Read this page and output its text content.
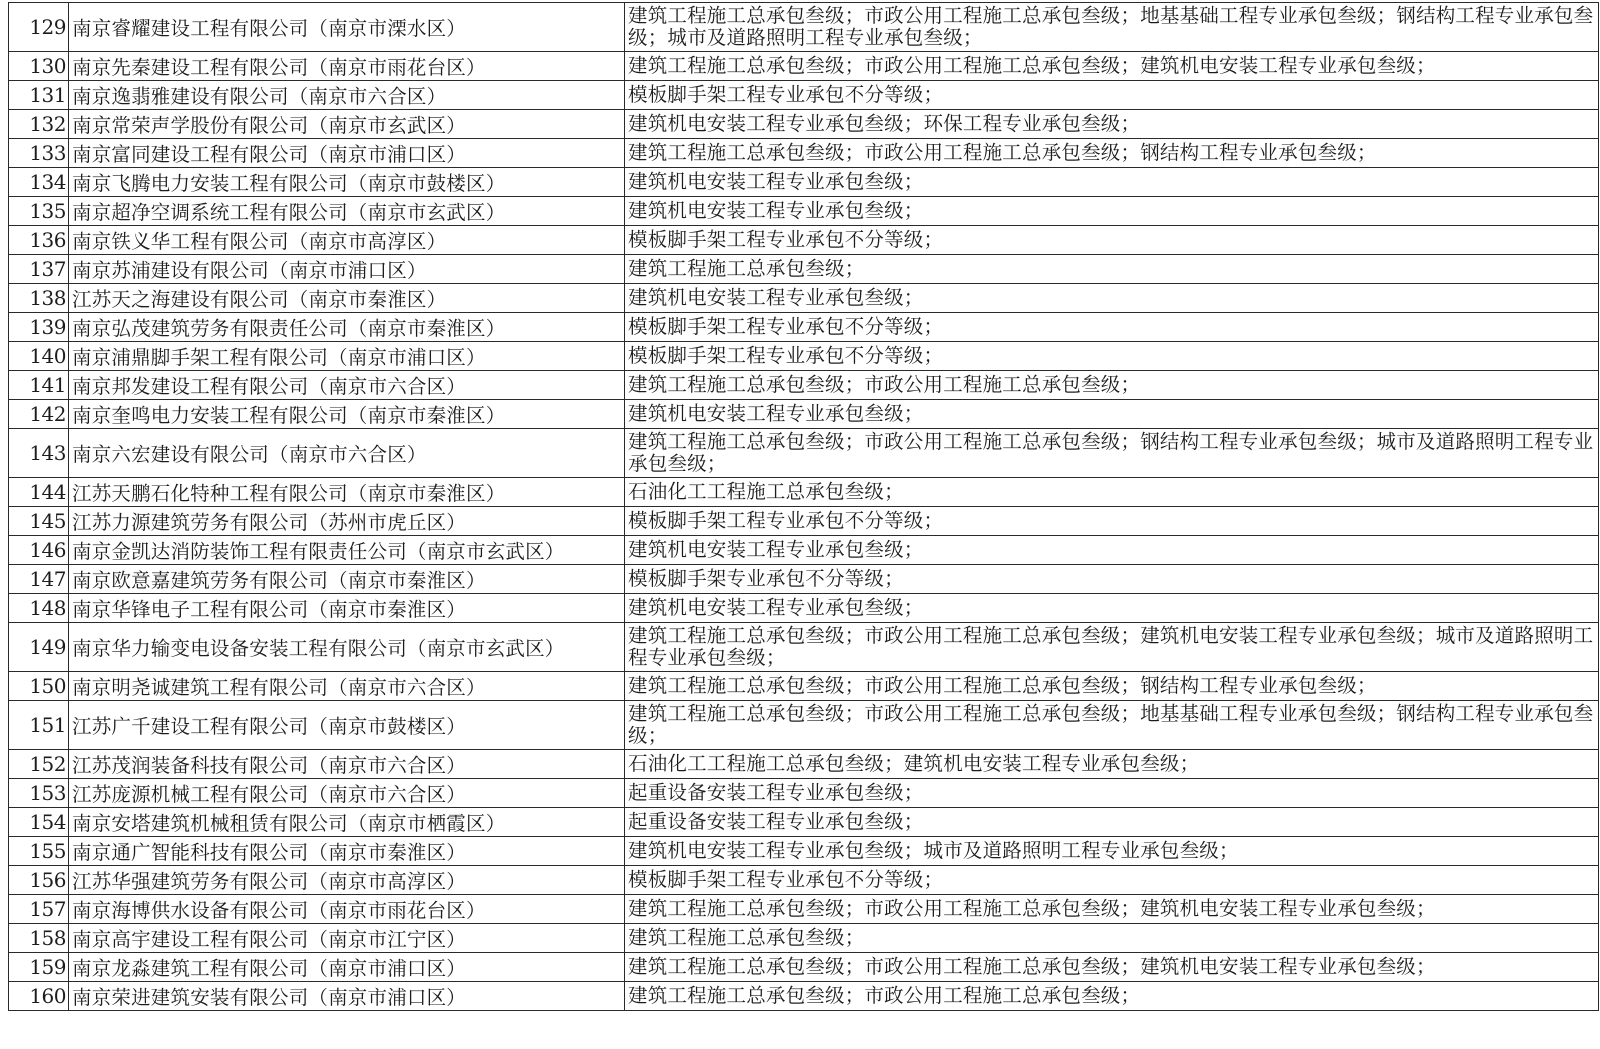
129	南京睿耀建设工程有限公司（南京市溧水区）	建筑工程施工总承包叁级；市政公用工程施工总承包叁级；地基基础工程专业承包叁级；钢结构工程专业承包叁级；城市及道路照明工程专业承包叁级；
130	南京先秦建设工程有限公司（南京市雨花台区）	建筑工程施工总承包叁级；市政公用工程施工总承包叁级；建筑机电安装工程专业承包叁级；
131	南京逸翡雅建设有限公司（南京市六合区）	模板脚手架工程专业承包不分等级；
132	南京常荣声学股份有限公司（南京市玄武区）	建筑机电安装工程专业承包叁级；环保工程专业承包叁级；
133	南京富同建设工程有限公司（南京市浦口区）	建筑工程施工总承包叁级；市政公用工程施工总承包叁级；钢结构工程专业承包叁级；
134	南京飞腾电力安装工程有限公司（南京市鼓楼区）	建筑机电安装工程专业承包叁级；
135	南京超净空调系统工程有限公司（南京市玄武区）	建筑机电安装工程专业承包叁级；
136	南京铁义华工程有限公司（南京市高淳区）	模板脚手架工程专业承包不分等级；
137	南京苏浦建设有限公司（南京市浦口区）	建筑工程施工总承包叁级；
138	江苏天之海建设有限公司（南京市秦淮区）	建筑机电安装工程专业承包叁级；
139	南京弘茂建筑劳务有限责任公司（南京市秦淮区）	模板脚手架工程专业承包不分等级；
140	南京浦鼎脚手架工程有限公司（南京市浦口区）	模板脚手架工程专业承包不分等级；
141	南京邦发建设工程有限公司（南京市六合区）	建筑工程施工总承包叁级；市政公用工程施工总承包叁级；
142	南京奎鸣电力安装工程有限公司（南京市秦淮区）	建筑机电安装工程专业承包叁级；
143	南京六宏建设有限公司（南京市六合区）	建筑工程施工总承包叁级；市政公用工程施工总承包叁级；钢结构工程专业承包叁级；城市及道路照明工程专业承包叁级；
144	江苏天鹏石化特种工程有限公司（南京市秦淮区）	石油化工工程施工总承包叁级；
145	江苏力源建筑劳务有限公司（苏州市虎丘区）	模板脚手架工程专业承包不分等级；
146	南京金凯达消防装饰工程有限责任公司（南京市玄武区）	建筑机电安装工程专业承包叁级；
147	南京欧意嘉建筑劳务有限公司（南京市秦淮区）	模板脚手架专业承包不分等级；
148	南京华锋电子工程有限公司（南京市秦淮区）	建筑机电安装工程专业承包叁级；
149	南京华力输变电设备安装工程有限公司（南京市玄武区）	建筑工程施工总承包叁级；市政公用工程施工总承包叁级；建筑机电安装工程专业承包叁级；城市及道路照明工程专业承包叁级；
150	南京明尧诚建筑工程有限公司（南京市六合区）	建筑工程施工总承包叁级；市政公用工程施工总承包叁级；钢结构工程专业承包叁级；
151	江苏广千建设工程有限公司（南京市鼓楼区）	建筑工程施工总承包叁级；市政公用工程施工总承包叁级；地基基础工程专业承包叁级；钢结构工程专业承包叁级；
152	江苏茂润装备科技有限公司（南京市六合区）	石油化工工程施工总承包叁级；建筑机电安装工程专业承包叁级；
153	江苏庞源机械工程有限公司（南京市六合区）	起重设备安装工程专业承包叁级；
154	南京安塔建筑机械租赁有限公司（南京市栖霞区）	起重设备安装工程专业承包叁级；
155	南京通广智能科技有限公司（南京市秦淮区）	建筑机电安装工程专业承包叁级；城市及道路照明工程专业承包叁级；
156	江苏华强建筑劳务有限公司（南京市高淳区）	模板脚手架工程专业承包不分等级；
157	南京海博供水设备有限公司（南京市雨花台区）	建筑工程施工总承包叁级；市政公用工程施工总承包叁级；建筑机电安装工程专业承包叁级；
158	南京高宇建设工程有限公司（南京市江宁区）	建筑工程施工总承包叁级；
159	南京龙淼建筑工程有限公司（南京市浦口区）	建筑工程施工总承包叁级；市政公用工程施工总承包叁级；建筑机电安装工程专业承包叁级；
160	南京荣进建筑安装有限公司（南京市浦口区）	建筑工程施工总承包叁级；市政公用工程施工总承包叁级；
